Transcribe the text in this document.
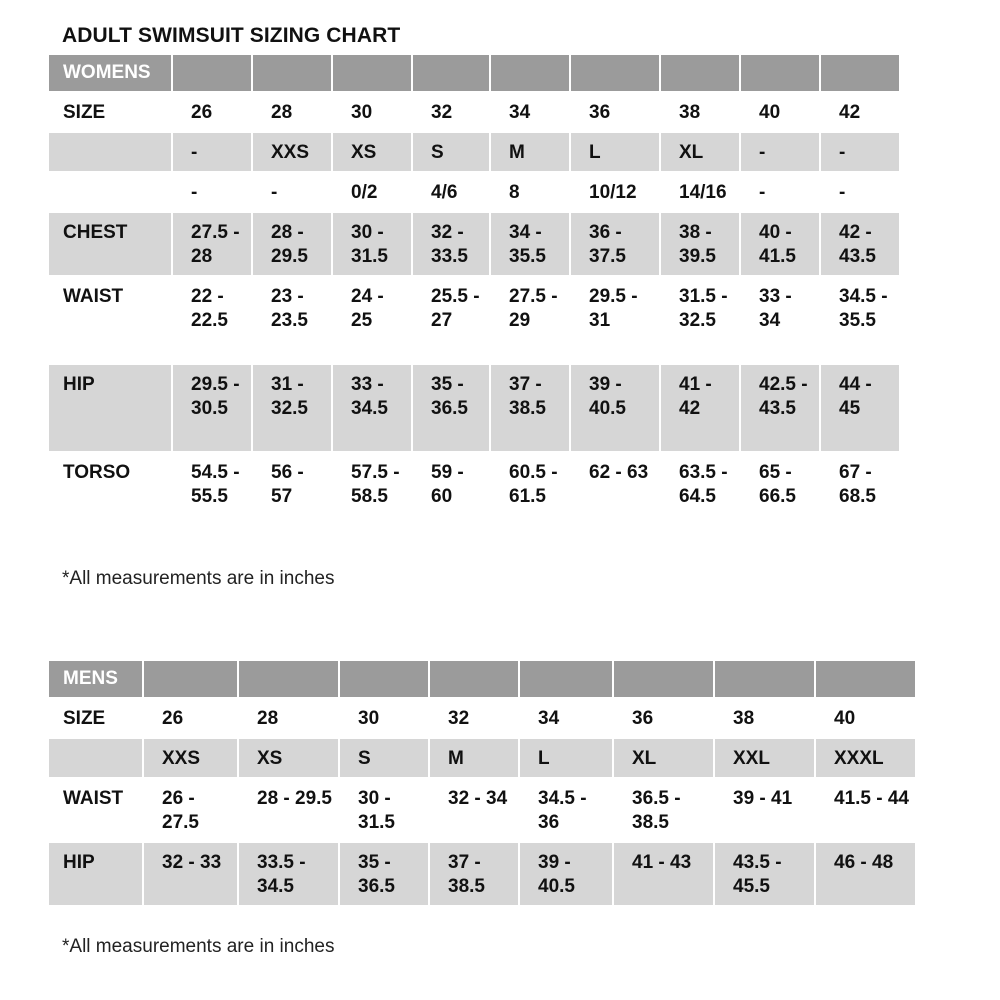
ADULT SWIMSUIT SIZING CHART
WOMENS									
SIZE	26	28	30	32	34	36	38	40	42
	-	XXS	XS	S	M	L	XL	-	-
	-	-	0/2	4/6	8	10/12	14/16	-	-
CHEST	27.5 - 28	28 - 29.5	30 - 31.5	32 - 33.5	34 - 35.5	36 - 37.5	38 - 39.5	40 - 41.5	42 - 43.5
WAIST	22 - 22.5	23 - 23.5	24 - 25	25.5 - 27	27.5 - 29	29.5 - 31	31.5 - 32.5	33 - 34	34.5 - 35.5
HIP	29.5 - 30.5	31 - 32.5	33 - 34.5	35 - 36.5	37 - 38.5	39 - 40.5	41 - 42	42.5 - 43.5	44 - 45
TORSO	54.5 - 55.5	56 - 57	57.5 - 58.5	59 - 60	60.5 - 61.5	62 - 63	63.5 - 64.5	65 - 66.5	67 - 68.5
*All measurements are in inches
MENS								
SIZE	26	28	30	32	34	36	38	40
	XXS	XS	S	M	L	XL	XXL	XXXL
WAIST	26 - 27.5	28 - 29.5	30 - 31.5	32 - 34	34.5 - 36	36.5 - 38.5	39 - 41	41.5 - 44
HIP	32 - 33	33.5 - 34.5	35 - 36.5	37 - 38.5	39 - 40.5	41 - 43	43.5 - 45.5	46 - 48
*All measurements are in inches
